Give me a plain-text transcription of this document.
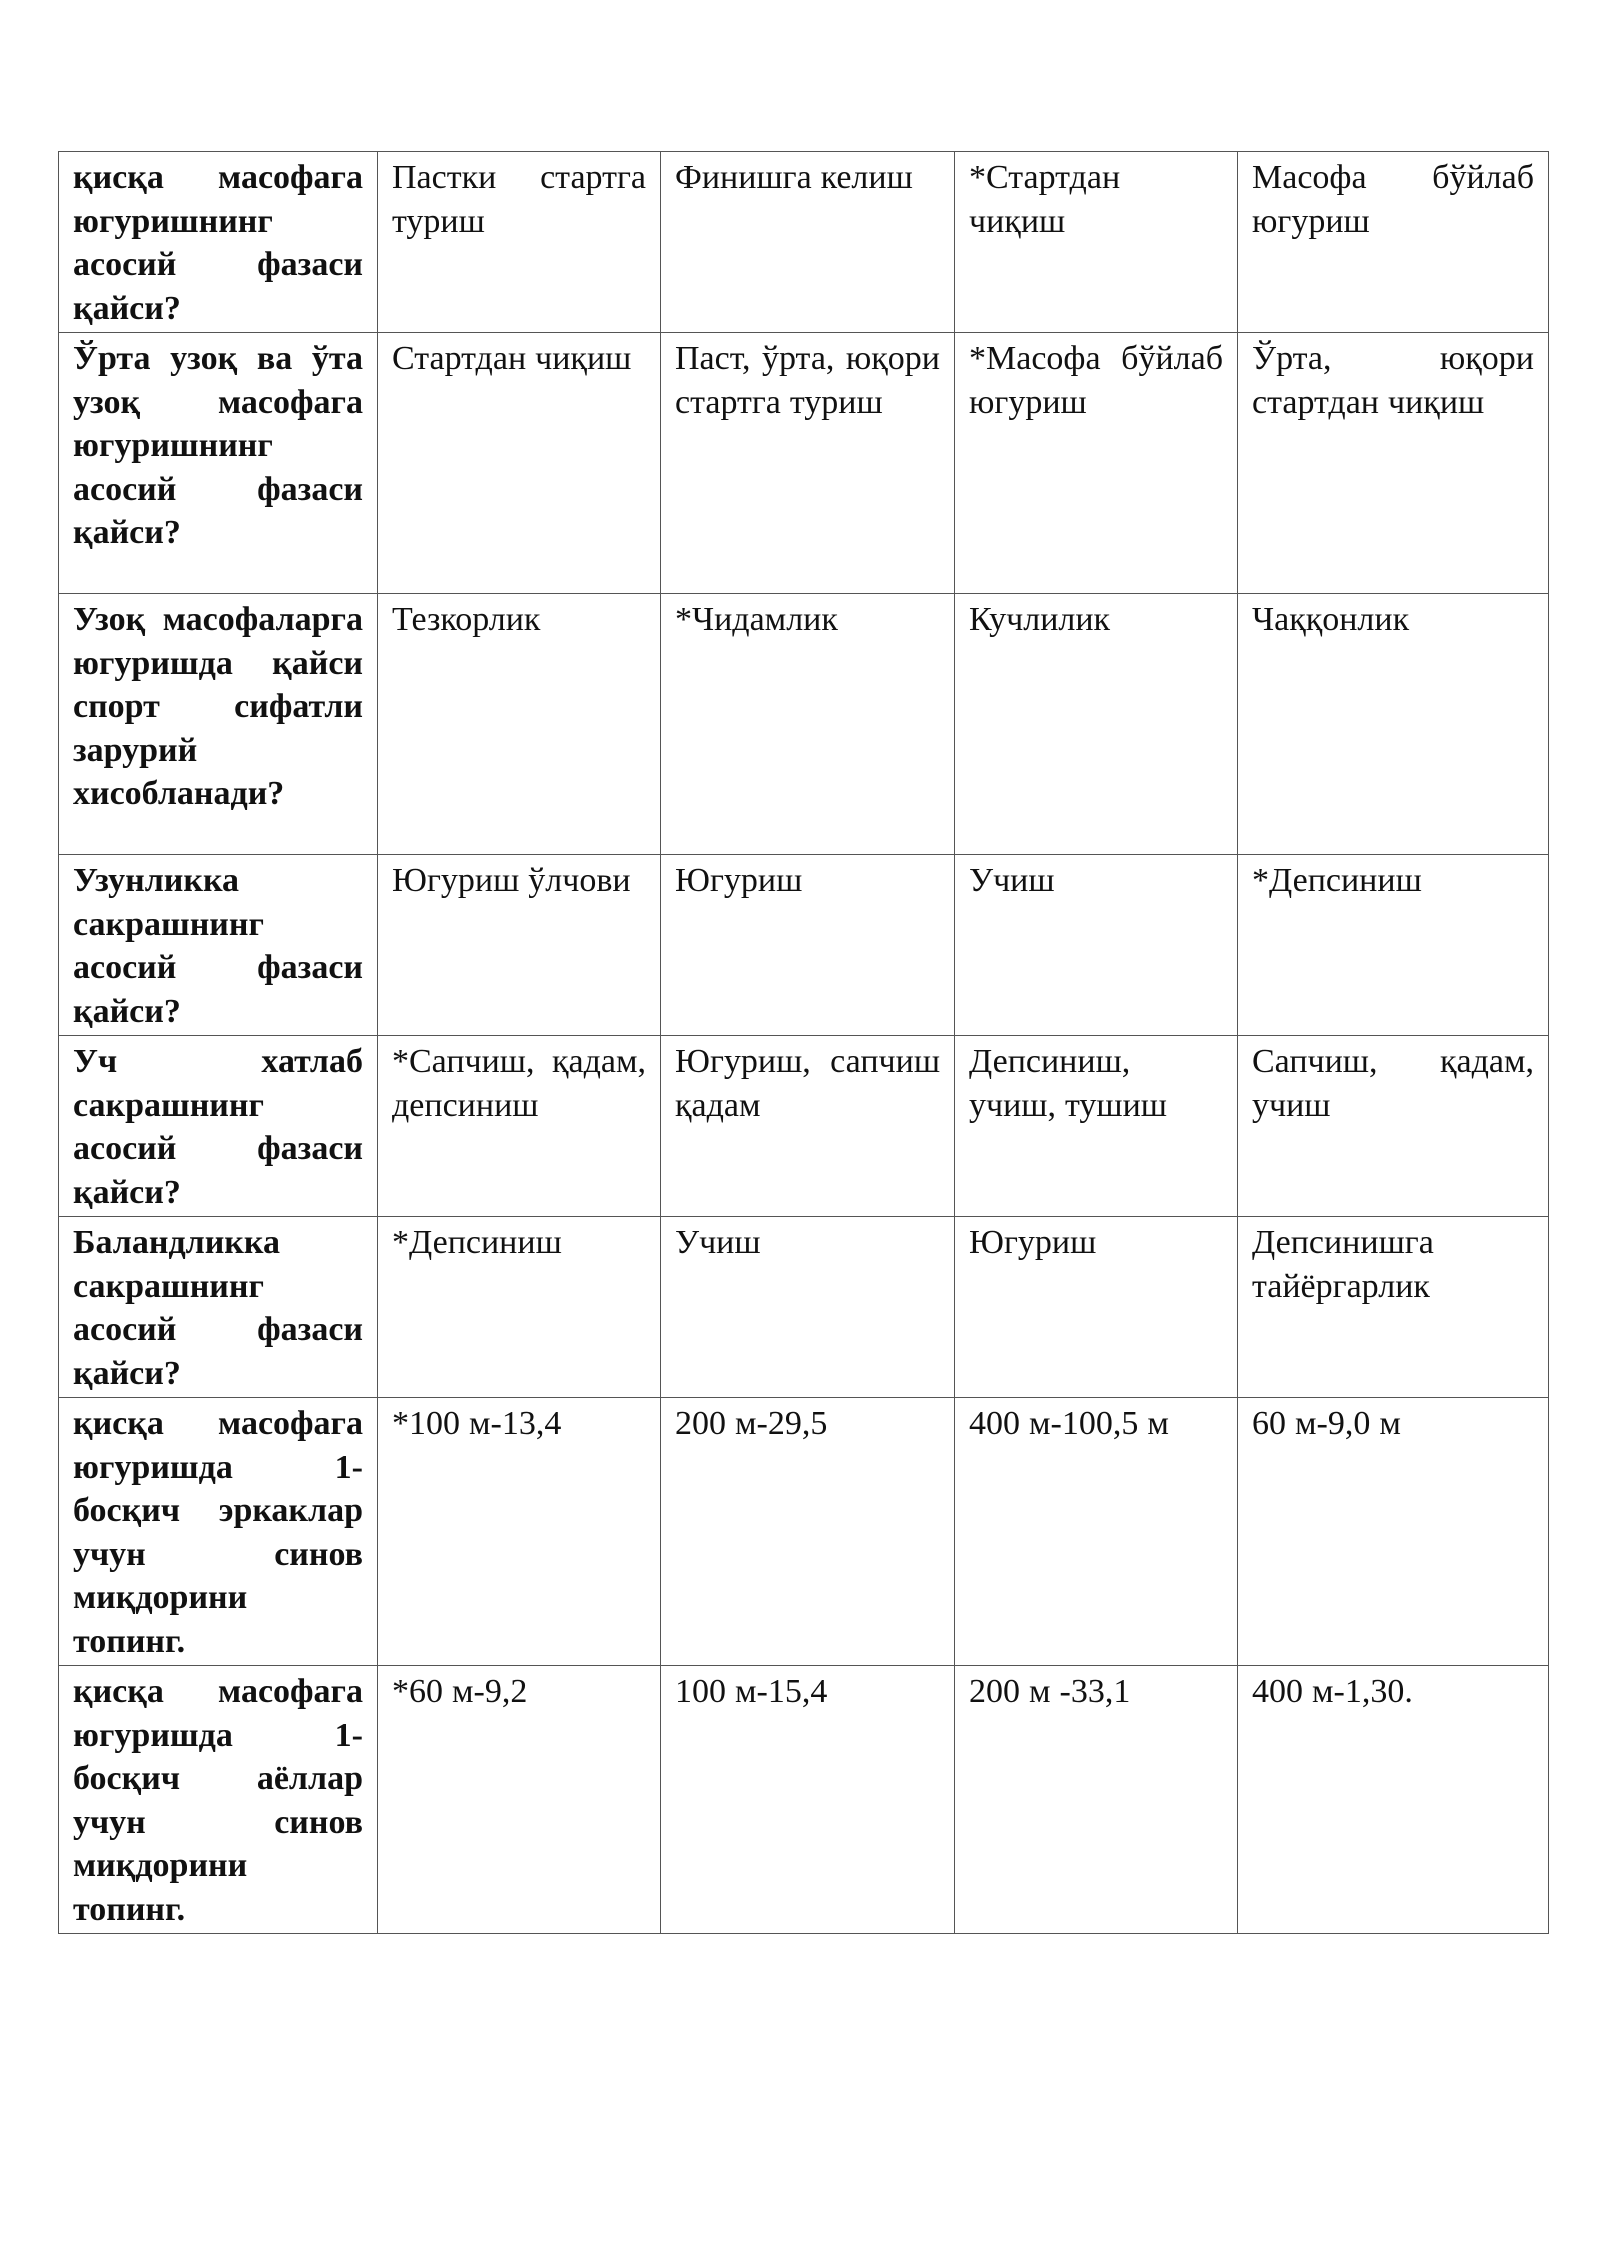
қисқа масофага югуришнинг асосий фазаси қайси?	Пастки стартга туриш	Финишга келиш	*Стартдан чиқиш	Масофа бўйлаб югуриш
Ўрта узоқ ва ўта узоқ масофага югуришнинг асосий фазаси қайси?	Стартдан чиқиш	Паст, ўрта, юқори стартга туриш	*Масофа бўйлаб югуриш	Ўрта, юқори стартдан чиқиш
Узоқ масофаларга югуришда қайси спорт сифатли зарурий хисобланади?	Тезкорлик	*Чидамлик	Кучлилик	Чаққонлик
Узунликка сакрашнинг асосий фазаси қайси?	Югуриш ўлчови	Югуриш	Учиш	*Депсиниш
Уч хатлаб сакрашнинг асосий фазаси қайси?	*Сапчиш, қадам, депсиниш	Югуриш, сапчиш қадам	Депсиниш, учиш, тушиш	Сапчиш, қадам, учиш
Баландликка сакрашнинг асосий фазаси қайси?	*Депсиниш	Учиш	Югуриш	Депсинишга тайёргарлик
қисқа масофага югуришда 1-босқич эркаклар учун синов миқдорини топинг.	*100 м-13,4	200 м-29,5	400 м-100,5 м	60 м-9,0 м
қисқа масофага югуришда 1-босқич аёллар учун синов миқдорини топинг.	*60 м-9,2	100 м-15,4	200 м -33,1	400 м-1,30.
